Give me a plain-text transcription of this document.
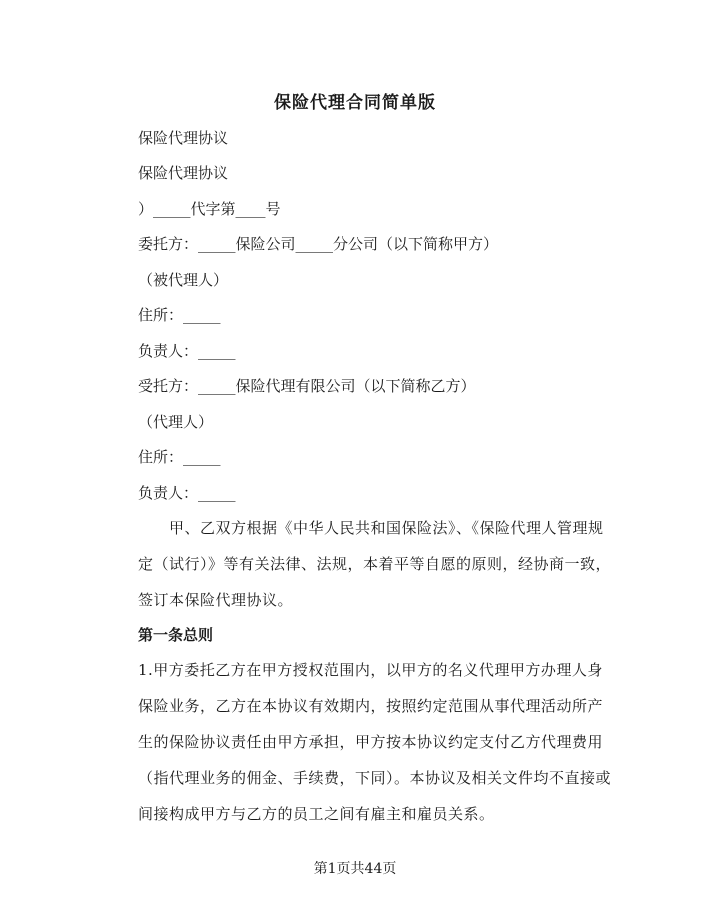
保险代理合同简单版
保险代理协议
保险代理协议
）_____代字第____号
委托方：_____保险公司_____分公司（以下简称甲方）
（被代理人）
住所：_____
负责人：_____
受托方：_____保险代理有限公司（以下简称乙方）
（代理人）
住所：_____
负责人：_____
　　甲、乙双方根据《中华人民共和国保险法》、《保险代理人管理规定（试行）》等有关法律、法规，本着平等自愿的原则，经协商一致，签订本保险代理协议。
第一条总则
1.甲方委托乙方在甲方授权范围内，以甲方的名义代理甲方办理人身保险业务，乙方在本协议有效期内，按照约定范围从事代理活动所产生的保险协议责任由甲方承担，甲方按本协议约定支付乙方代理费用（指代理业务的佣金、手续费，下同）。本协议及相关文件均不直接或间接构成甲方与乙方的员工之间有雇主和雇员关系。
第1页共44页
